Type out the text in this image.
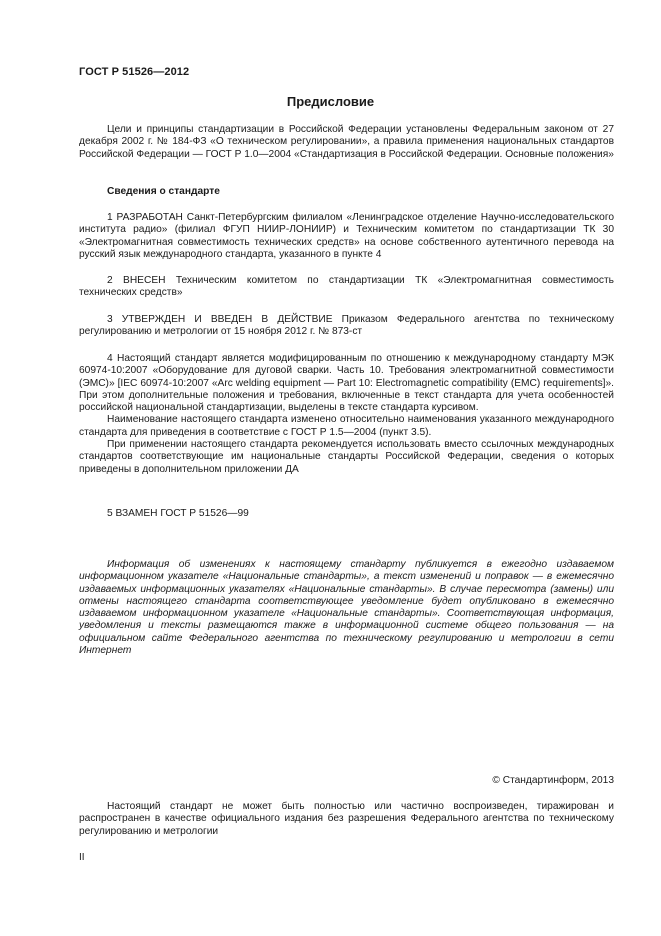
ГОСТ Р 51526—2012
Предисловие

Цели и принципы стандартизации в Российской Федерации установлены Федеральным законом от 27 декабря 2002 г. № 184-ФЗ «О техническом регулировании», а правила применения национальных стандартов Российской Федерации — ГОСТ Р 1.0—2004 «Стандартизация в Российской Федерации. Основные положения»

Сведения о стандарте

1 РАЗРАБОТАН Санкт-Петербургским филиалом «Ленинградское отделение Научно-исследовательского института радио» (филиал ФГУП НИИР-ЛОНИИР) и Техническим комитетом по стандартизации ТК 30 «Электромагнитная совместимость технических средств» на основе собственного аутентичного перевода на русский язык международного стандарта, указанного в пункте 4

2 ВНЕСЕН Техническим комитетом по стандартизации ТК «Электромагнитная совместимость технических средств»

3 УТВЕРЖДЕН И ВВЕДЕН В ДЕЙСТВИЕ Приказом Федерального агентства по техническому регулированию и метрологии от 15 ноября 2012 г. № 873-ст

4 Настоящий стандарт является модифицированным по отношению к международному стандарту МЭК 60974-10:2007 «Оборудование для дуговой сварки. Часть 10. Требования электромагнитной совместимости (ЭМС)» [IEC 60974-10:2007 «Arc welding equipment — Part 10: Electromagnetic compatibility (EMC) requirements]». При этом дополнительные положения и требования, включенные в текст стандарта для учета особенностей российской национальной стандартизации, выделены в тексте стандарта курсивом.

Наименование настоящего стандарта изменено относительно наименования указанного международного стандарта для приведения в соответствие с ГОСТ Р 1.5—2004 (пункт 3.5).

При применении настоящего стандарта рекомендуется использовать вместо ссылочных международных стандартов соответствующие им национальные стандарты Российской Федерации, сведения о которых приведены в дополнительном приложении ДА

5 ВЗАМЕН ГОСТ Р 51526—99

Информация об изменениях к настоящему стандарту публикуется в ежегодно издаваемом информационном указателе «Национальные стандарты», а текст изменений и поправок — в ежемесячно издаваемых информационных указателях «Национальные стандарты». В случае пересмотра (замены) или отмены настоящего стандарта соответствующее уведомление будет опубликовано в ежемесячно издаваемом информационном указателе «Национальные стандарты». Соответствующая информация, уведомления и тексты размещаются также в информационной системе общего пользования — на официальном сайте Федерального агентства по техническому регулированию и метрологии в сети Интернет

© Стандартинформ, 2013

Настоящий стандарт не может быть полностью или частично воспроизведен, тиражирован и распространен в качестве официального издания без разрешения Федерального агентства по техническому регулированию и метрологии

II
